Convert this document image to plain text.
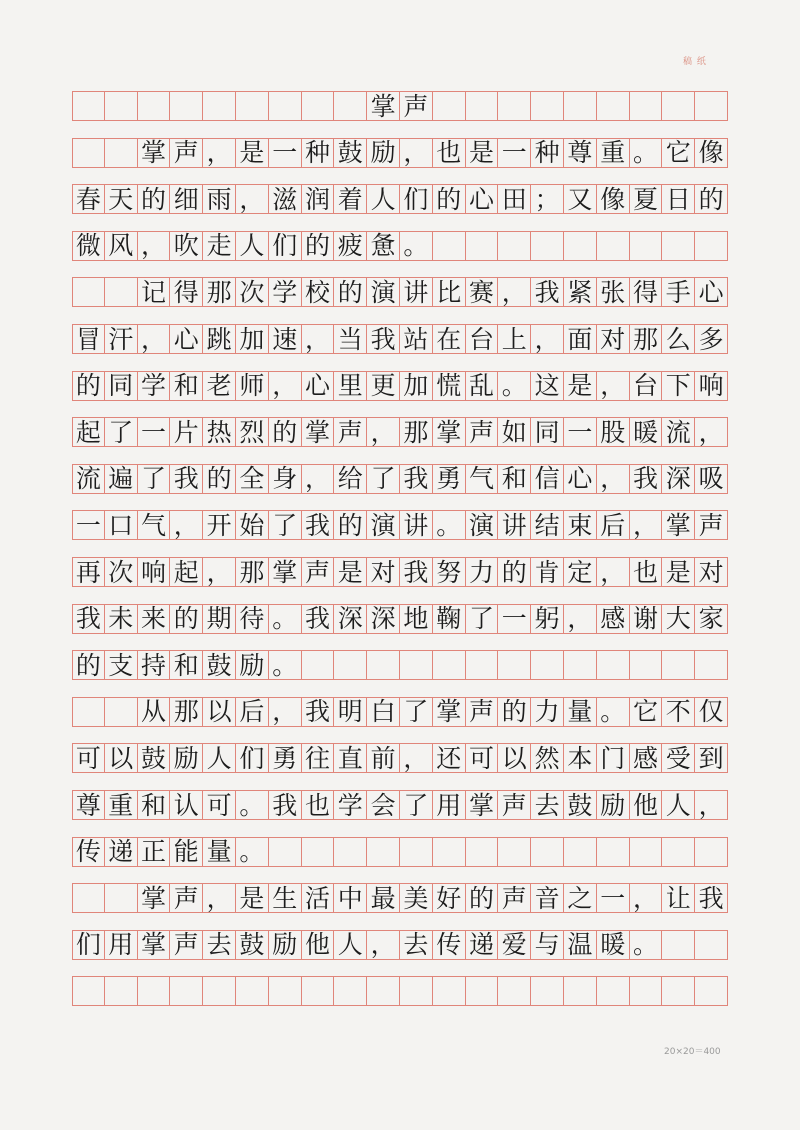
稿 纸
掌 声
掌 声 ， 是 一 种 鼓 励 ， 也 是 一 种 尊 重 。 它 像
春 天 的 细 雨 ， 滋 润 着 人 们 的 心 田 ； 又 像 夏 日 的
微 风 ， 吹 走 人 们 的 疲 惫 。
记 得 那 次 学 校 的 演 讲 比 赛 ， 我 紧 张 得 手 心
冒 汗 ， 心 跳 加 速 ， 当 我 站 在 台 上 ， 面 对 那 么 多
的 同 学 和 老 师 ， 心 里 更 加 慌 乱 。 这 是 ， 台 下 响
起 了 一 片 热 烈 的 掌 声 ， 那 掌 声 如 同 一 股 暖 流 ，
流 遍 了 我 的 全 身 ， 给 了 我 勇 气 和 信 心 ， 我 深 吸
一 口 气 ， 开 始 了 我 的 演 讲 。 演 讲 结 束 后 ， 掌 声
再 次 响 起 ， 那 掌 声 是 对 我 努 力 的 肯 定 ， 也 是 对
我 未 来 的 期 待 。 我 深 深 地 鞠 了 一 躬 ， 感 谢 大 家
的 支 持 和 鼓 励 。
从 那 以 后 ， 我 明 白 了 掌 声 的 力 量 。 它 不 仅
可 以 鼓 励 人 们 勇 往 直 前 ， 还 可 以 然 本 门 感 受 到
尊 重 和 认 可 。 我 也 学 会 了 用 掌 声 去 鼓 励 他 人 ，
传 递 正 能 量 。
掌 声 ， 是 生 活 中 最 美 好 的 声 音 之 一 ， 让 我
们 用 掌 声 去 鼓 励 他 人 ， 去 传 递 爱 与 温 暖 。
20×20＝400
